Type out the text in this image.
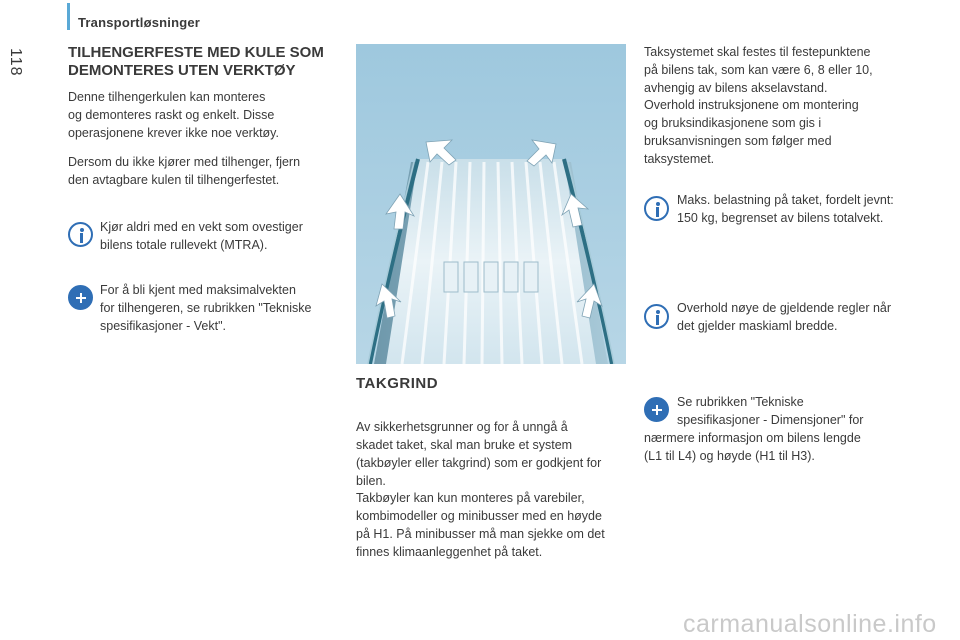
Transportløsninger
118	TILHENGERFESTE MED KULE SOM
DEMONTERES UTEN VERKTØY
Denne tilhengerkulen kan monteres
og demonteres raskt og enkelt. Disse
operasjonene krever ikke noe verktøy.
Dersom du ikke kjører med tilhenger, fjern
den avtagbare kulen til tilhengerfestet.
Kjør aldri med en vekt som ovestiger
bilens totale rullevekt (MTRA).
For å bli kjent med maksimalvekten
for tilhengeren, se rubrikken "Tekniske
spesifikasjoner - Vekt".
TAKGRIND
Av sikkerhetsgrunner og for å unngå å
skadet taket, skal man bruke et system
(takbøyler eller takgrind) som er godkjent for
bilen.
Takbøyler kan kun monteres på varebiler,
kombimodeller og minibusser med en høyde
på H1. På minibusser må man sjekke om det
finnes klimaanleggenhet på taket.
Taksystemet skal festes til festepunktene
på bilens tak, som kan være 6, 8 eller 10,
avhengig av bilens akselavstand.
Overhold instruksjonene om montering
og bruksindikasjonene som gis i
bruksanvisningen som følger med
taksystemet.
Maks. belastning på taket, fordelt jevnt:
150 kg, begrenset av bilens totalvekt.
Overhold nøye de gjeldende regler når
det gjelder maskiaml bredde.
Se rubrikken "Tekniske
spesifikasjoner - Dimensjoner" for
nærmere informasjon om bilens lengde
(L1 til L4) og høyde (H1 til H3).
carmanualsonline.info
